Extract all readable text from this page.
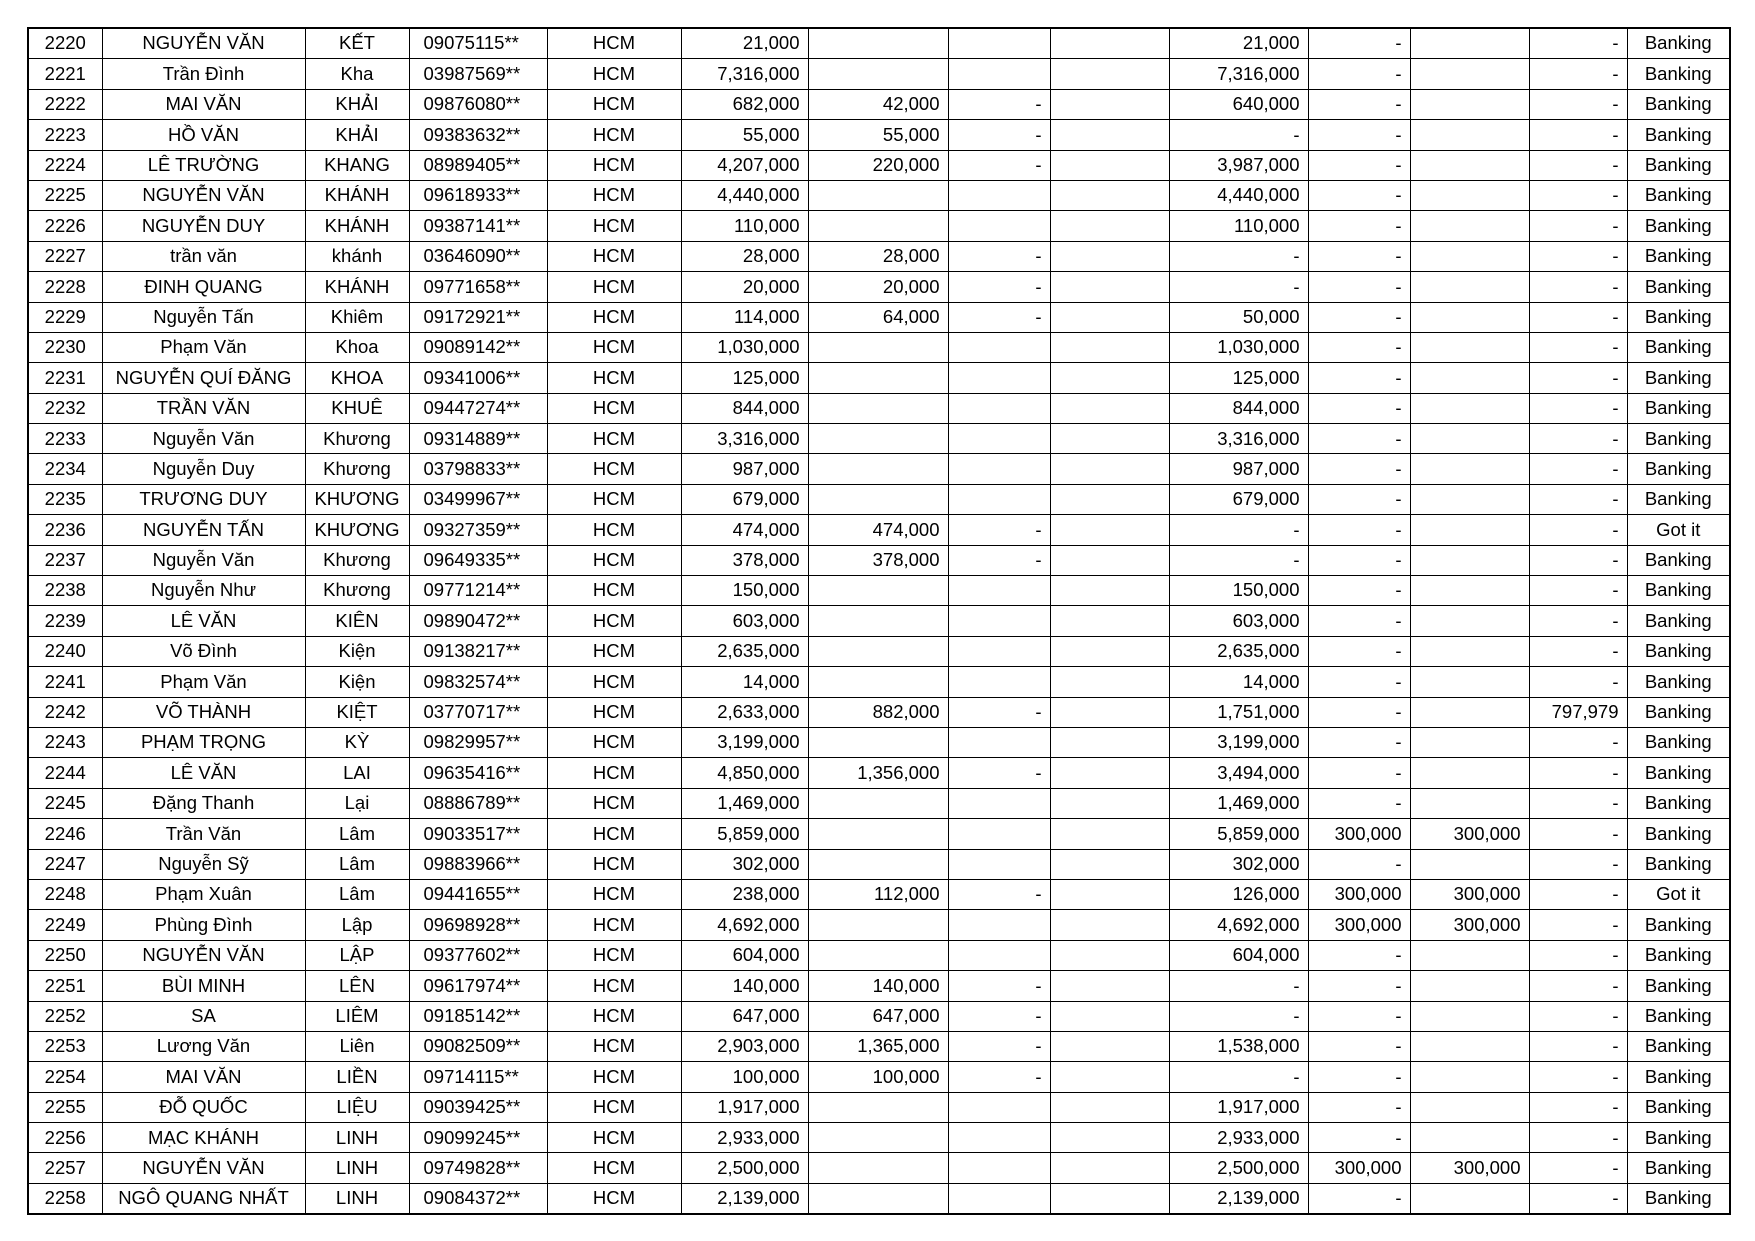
2220	NGUYỄN VĂN	KẾT	09075115**	HCM	21,000				21,000	-		-	Banking
2221	Trần Đình	Kha	03987569**	HCM	7,316,000				7,316,000	-		-	Banking
2222	MAI VĂN	KHẢI	09876080**	HCM	682,000	42,000	-		640,000	-		-	Banking
2223	HỒ VĂN	KHẢI	09383632**	HCM	55,000	55,000	-		-	-		-	Banking
2224	LÊ TRƯỜNG	KHANG	08989405**	HCM	4,207,000	220,000	-		3,987,000	-		-	Banking
2225	NGUYỄN VĂN	KHÁNH	09618933**	HCM	4,440,000				4,440,000	-		-	Banking
2226	NGUYỄN DUY	KHÁNH	09387141**	HCM	110,000				110,000	-		-	Banking
2227	trần văn	khánh	03646090**	HCM	28,000	28,000	-		-	-		-	Banking
2228	ĐINH QUANG	KHÁNH	09771658**	HCM	20,000	20,000	-		-	-		-	Banking
2229	Nguyễn Tấn	Khiêm	09172921**	HCM	114,000	64,000	-		50,000	-		-	Banking
2230	Phạm Văn	Khoa	09089142**	HCM	1,030,000				1,030,000	-		-	Banking
2231	NGUYỄN QUÍ ĐĂNG	KHOA	09341006**	HCM	125,000				125,000	-		-	Banking
2232	TRẦN VĂN	KHUÊ	09447274**	HCM	844,000				844,000	-		-	Banking
2233	Nguyễn Văn	Khương	09314889**	HCM	3,316,000				3,316,000	-		-	Banking
2234	Nguyễn Duy	Khương	03798833**	HCM	987,000				987,000	-		-	Banking
2235	TRƯƠNG DUY	KHƯƠNG	03499967**	HCM	679,000				679,000	-		-	Banking
2236	NGUYỄN TẤN	KHƯƠNG	09327359**	HCM	474,000	474,000	-		-	-		-	Got it
2237	Nguyễn Văn	Khương	09649335**	HCM	378,000	378,000	-		-	-		-	Banking
2238	Nguyễn Như	Khương	09771214**	HCM	150,000				150,000	-		-	Banking
2239	LÊ VĂN	KIÊN	09890472**	HCM	603,000				603,000	-		-	Banking
2240	Võ Đình	Kiện	09138217**	HCM	2,635,000				2,635,000	-		-	Banking
2241	Phạm Văn	Kiện	09832574**	HCM	14,000				14,000	-		-	Banking
2242	VÕ THÀNH	KIỆT	03770717**	HCM	2,633,000	882,000	-		1,751,000	-		797,979	Banking
2243	PHẠM TRỌNG	KỲ	09829957**	HCM	3,199,000				3,199,000	-		-	Banking
2244	LÊ VĂN	LAI	09635416**	HCM	4,850,000	1,356,000	-		3,494,000	-		-	Banking
2245	Đặng Thanh	Lại	08886789**	HCM	1,469,000				1,469,000	-		-	Banking
2246	Trần Văn	Lâm	09033517**	HCM	5,859,000				5,859,000	300,000	300,000	-	Banking
2247	Nguyễn Sỹ	Lâm	09883966**	HCM	302,000				302,000	-		-	Banking
2248	Phạm Xuân	Lâm	09441655**	HCM	238,000	112,000	-		126,000	300,000	300,000	-	Got it
2249	Phùng Đình	Lập	09698928**	HCM	4,692,000				4,692,000	300,000	300,000	-	Banking
2250	NGUYỄN VĂN	LẬP	09377602**	HCM	604,000				604,000	-		-	Banking
2251	BÙI MINH	LÊN	09617974**	HCM	140,000	140,000	-		-	-		-	Banking
2252	SA	LIÊM	09185142**	HCM	647,000	647,000	-		-	-		-	Banking
2253	Lương Văn	Liên	09082509**	HCM	2,903,000	1,365,000	-		1,538,000	-		-	Banking
2254	MAI VĂN	LIỀN	09714115**	HCM	100,000	100,000	-		-	-		-	Banking
2255	ĐỖ QUỐC	LIỆU	09039425**	HCM	1,917,000				1,917,000	-		-	Banking
2256	MẠC KHÁNH	LINH	09099245**	HCM	2,933,000				2,933,000	-		-	Banking
2257	NGUYỄN VĂN	LINH	09749828**	HCM	2,500,000				2,500,000	300,000	300,000	-	Banking
2258	NGÔ QUANG NHẤT	LINH	09084372**	HCM	2,139,000				2,139,000	-		-	Banking
